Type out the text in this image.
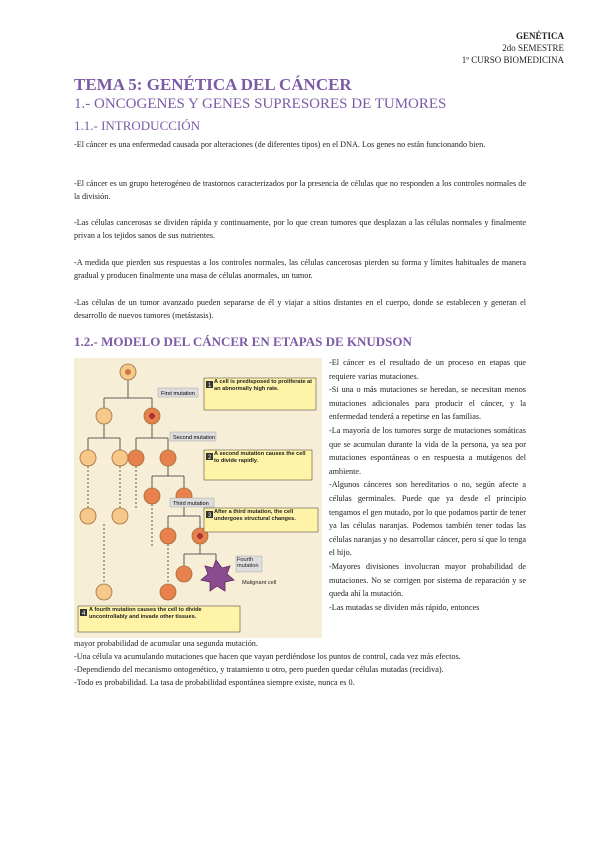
GENÉTICA
2do SEMESTRE
1º CURSO BIOMEDICINA
TEMA 5: GENÉTICA DEL CÁNCER
1.- ONCOGENES Y GENES SUPRESORES DE TUMORES
1.1.- INTRODUCCIÓN
-El cáncer es una enfermedad causada por alteraciones (de diferentes tipos) en el DNA. Los genes no están funcionando bien.
-El cáncer es un grupo heterogéneo de trastornos caracterizados por la presencia de células que no responden a los controles normales de la división.
-Las células cancerosas se dividen rápida y continuamente, por lo que crean tumores que desplazan a las células normales y finalmente privan a los tejidos sanos de sus nutrientes.
-A medida que pierden sus respuestas a los controles normales, las células cancerosas pierden su forma y límites habituales de manera gradual y producen finalmente una masa de células anormales, un tumor.
-Las células de un tumor avanzado pueden separarse de él y viajar a sitios distantes en el cuerpo, donde se establecen y generan el desarrollo de nuevos tumores (metástasis).
1.2.- MODELO DEL CÁNCER EN ETAPAS DE KNUDSON
First mutation
1
A cell is predisposed to proliferate at an abnormally high rate.
Second mutation
2
A second mutation causes the cell to divide rapidly.
Third mutation
3
After a third mutation, the cell undergoes structural changes.
Fourth mutation
Malignant cell
4
A fourth mutation causes the cell to divide uncontrollably and invade other tissues.

-El cáncer es el resultado de un proceso en etapas que requiere varias mutaciones.

-Si una o más mutaciones se heredan, se necesitan menos mutaciones adicionales para producir el cáncer, y la enfermedad tenderá a repetirse en las familias.

-La mayoría de los tumores surge de mutaciones somáticas que se acumulan durante la vida de la persona, ya sea por mutaciones espontáneas o en respuesta a mutágenos del ambiente.

-Algunos cánceres son hereditarios o no, según afecte a células germinales. Puede que ya desde el principio tengamos el gen mutado, por lo que podamos partir de tener ya las células naranjas. Podemos también tener todas las células naranjas y no desarrollar cáncer, pero sí que lo tenga el hijo.

-Mayores divisiones involucran mayor probabilidad de mutaciones. No se corrigen por sistema de reparación y se queda ahí la mutación.

-Las mutadas se dividen más rápido, entonces

mayor probabilidad de acumular una segunda mutación.

-Una célula va acumulando mutaciones que hacen que vayan perdiéndose los puntos de control, cada vez más efectos.

-Dependiendo del mecanismo ontogenético, y tratamiento u otro, pero pueden quedar células mutadas (recidiva).

-Todo es probabilidad. La tasa de probabilidad espontánea siempre existe, nunca es 0.
